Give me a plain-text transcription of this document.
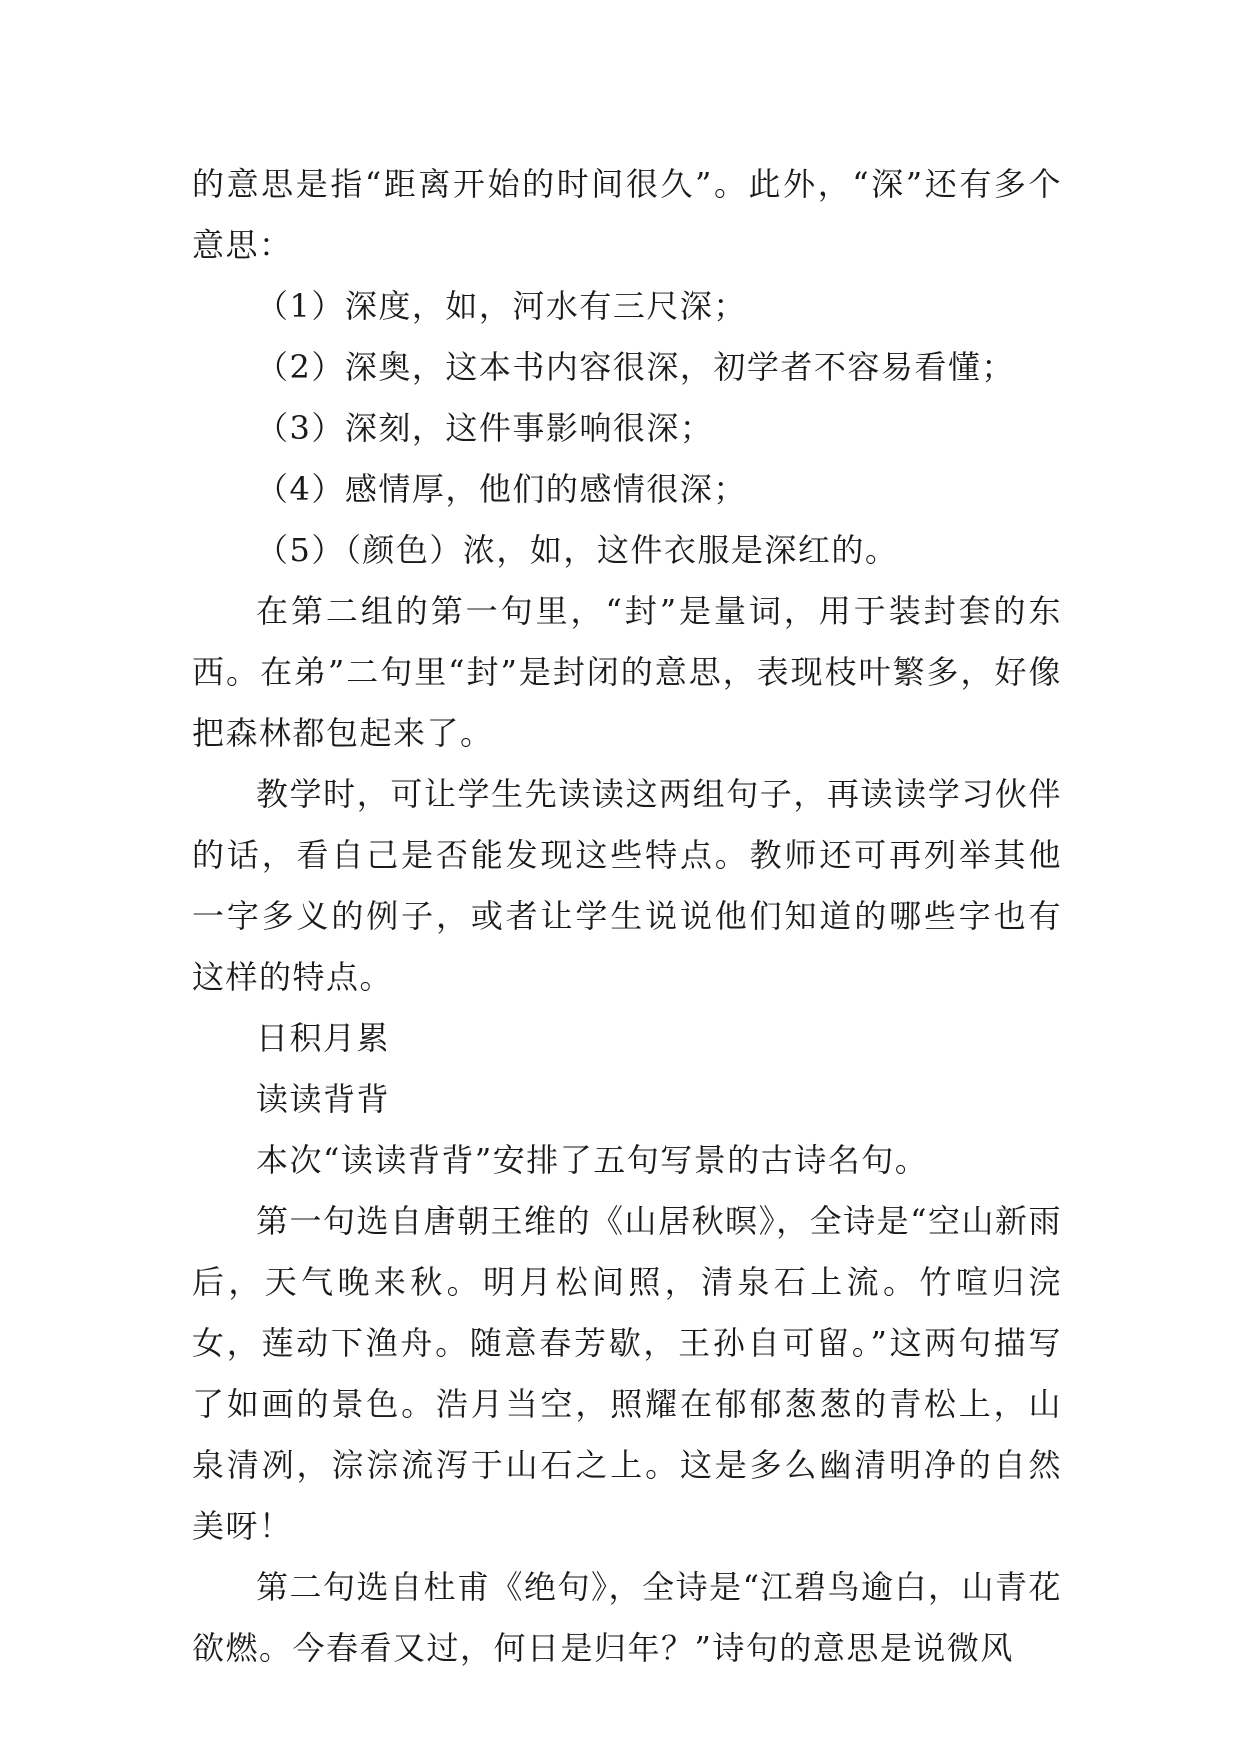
的意思是指“距离开始的时间很久”。此外，“深”还有多个意思：

（1）深度，如，河水有三尺深；

（2）深奥，这本书内容很深，初学者不容易看懂；

（3）深刻，这件事影响很深；

（4）感情厚，他们的感情很深；

（5）（颜色）浓，如，这件衣服是深红的。

在第二组的第一句里，“封”是量词，用于装封套的东西。在弟”二句里“封”是封闭的意思，表现枝叶繁多，好像把森林都包起来了。

教学时，可让学生先读读这两组句子，再读读学习伙伴的话，看自己是否能发现这些特点。教师还可再列举其他一字多义的例子，或者让学生说说他们知道的哪些字也有这样的特点。

日积月累

读读背背

本次“读读背背”安排了五句写景的古诗名句。

第一句选自唐朝王维的《山居秋暝》，全诗是“空山新雨后，天气晚来秋。明月松间照，清泉石上流。竹喧归浣女，莲动下渔舟。随意春芳歇，王孙自可留。”这两句描写了如画的景色。浩月当空，照耀在郁郁葱葱的青松上，山泉清冽，淙淙流泻于山石之上。这是多么幽清明净的自然美呀！

第二句选自杜甫《绝句》，全诗是“江碧鸟逾白，山青花欲燃。今春看又过，何日是归年？”诗句的意思是说微风
